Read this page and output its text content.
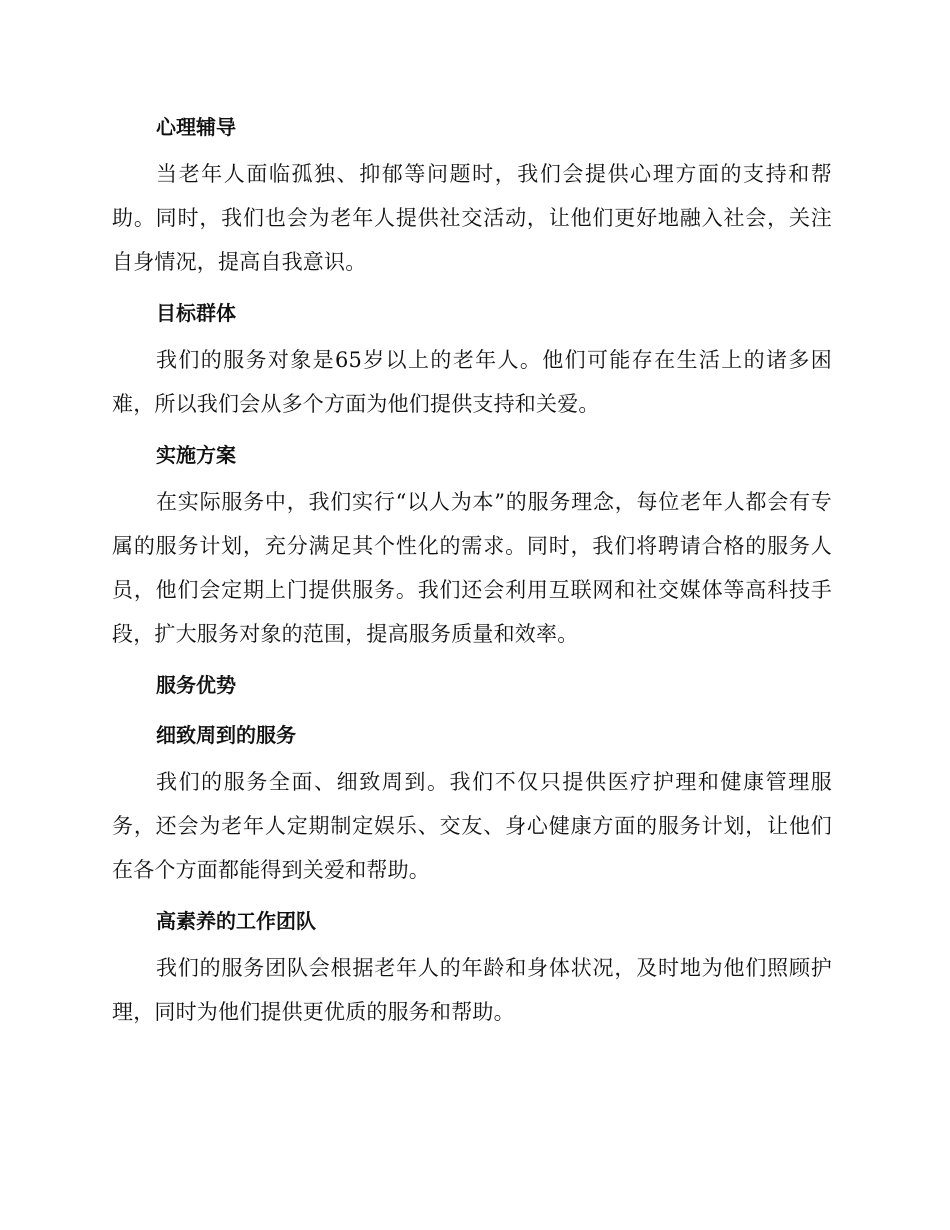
心理辅导

当老年人面临孤独、抑郁等问题时，我们会提供心理方面的支持和帮助。同时，我们也会为老年人提供社交活动，让他们更好地融入社会，关注自身情况，提高自我意识。

目标群体

我们的服务对象是65岁以上的老年人。他们可能存在生活上的诸多困难，所以我们会从多个方面为他们提供支持和关爱。

实施方案

在实际服务中，我们实行“以人为本”的服务理念，每位老年人都会有专属的服务计划，充分满足其个性化的需求。同时，我们将聘请合格的服务人员，他们会定期上门提供服务。我们还会利用互联网和社交媒体等高科技手段，扩大服务对象的范围，提高服务质量和效率。

服务优势
细致周到的服务

我们的服务全面、细致周到。我们不仅只提供医疗护理和健康管理服务，还会为老年人定期制定娱乐、交友、身心健康方面的服务计划，让他们在各个方面都能得到关爱和帮助。

高素养的工作团队

我们的服务团队会根据老年人的年龄和身体状况，及时地为他们照顾护理，同时为他们提供更优质的服务和帮助。
